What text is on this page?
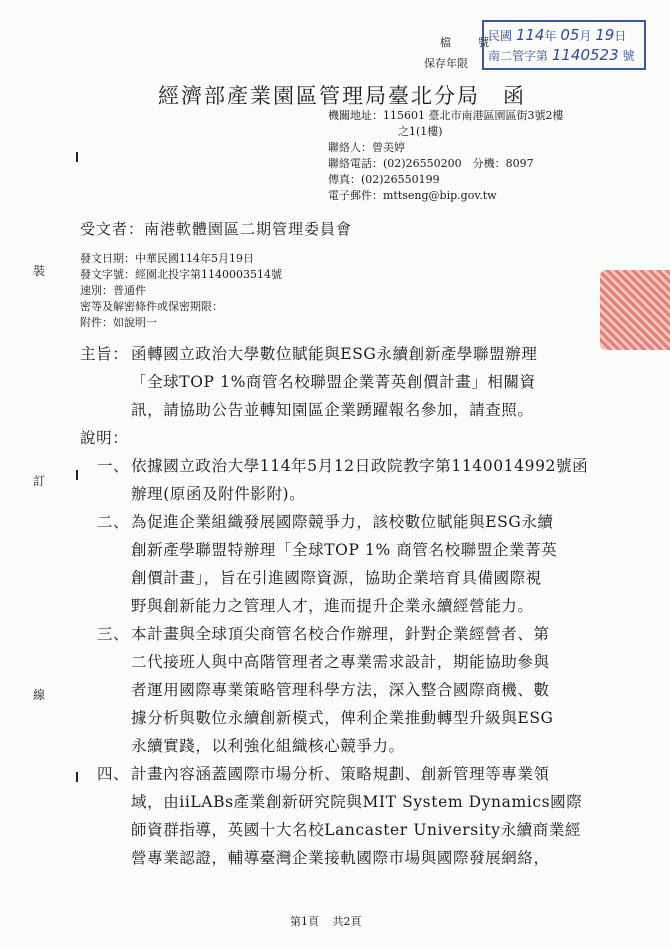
檔　號
保存年限
民國 114年 05月 19日
南二管字第 1140523 號
經濟部產業園區管理局臺北分局　函
機關地址：115601 臺北市南港區園區街3號2樓
之1(1樓)
聯絡人：曾美婷
聯絡電話：(02)26550200　分機：8097
傳真：(02)26550199
電子郵件：mttseng@bip.gov.tw
受文者：南港軟體園區二期管理委員會
發文日期：中華民國114年5月19日
發文字號：經園北投字第1140003514號
速別：普通件
密等及解密條件或保密期限：
附件：如說明一
裝
訂
線
主旨： 函轉國立政治大學數位賦能與ESG永續創新產學聯盟辦理
「全球TOP 1%商管名校聯盟企業菁英創價計畫」相關資
訊，請協助公告並轉知園區企業踴躍報名參加，請查照。
說明：
一、 依據國立政治大學114年5月12日政院教字第1140014992號函
辦理(原函及附件影附)。
二、 為促進企業組織發展國際競爭力，該校數位賦能與ESG永續
創新產學聯盟特辦理「全球TOP 1% 商管名校聯盟企業菁英
創價計畫」，旨在引進國際資源，協助企業培育具備國際視
野與創新能力之管理人才，進而提升企業永續經營能力。
三、 本計畫與全球頂尖商管名校合作辦理，針對企業經營者、第
二代接班人與中高階管理者之專業需求設計，期能協助參與
者運用國際專業策略管理科學方法，深入整合國際商機、數
據分析與數位永續創新模式，俾利企業推動轉型升級與ESG
永續實踐，以利強化組織核心競爭力。
四、 計畫內容涵蓋國際市場分析、策略規劃、創新管理等專業領
域，由iiLABs產業創新研究院與MIT System Dynamics國際
師資群指導，英國十大名校Lancaster University永續商業經
營專業認證，輔導臺灣企業接軌國際市場與國際發展網絡，
第1頁 共2頁
